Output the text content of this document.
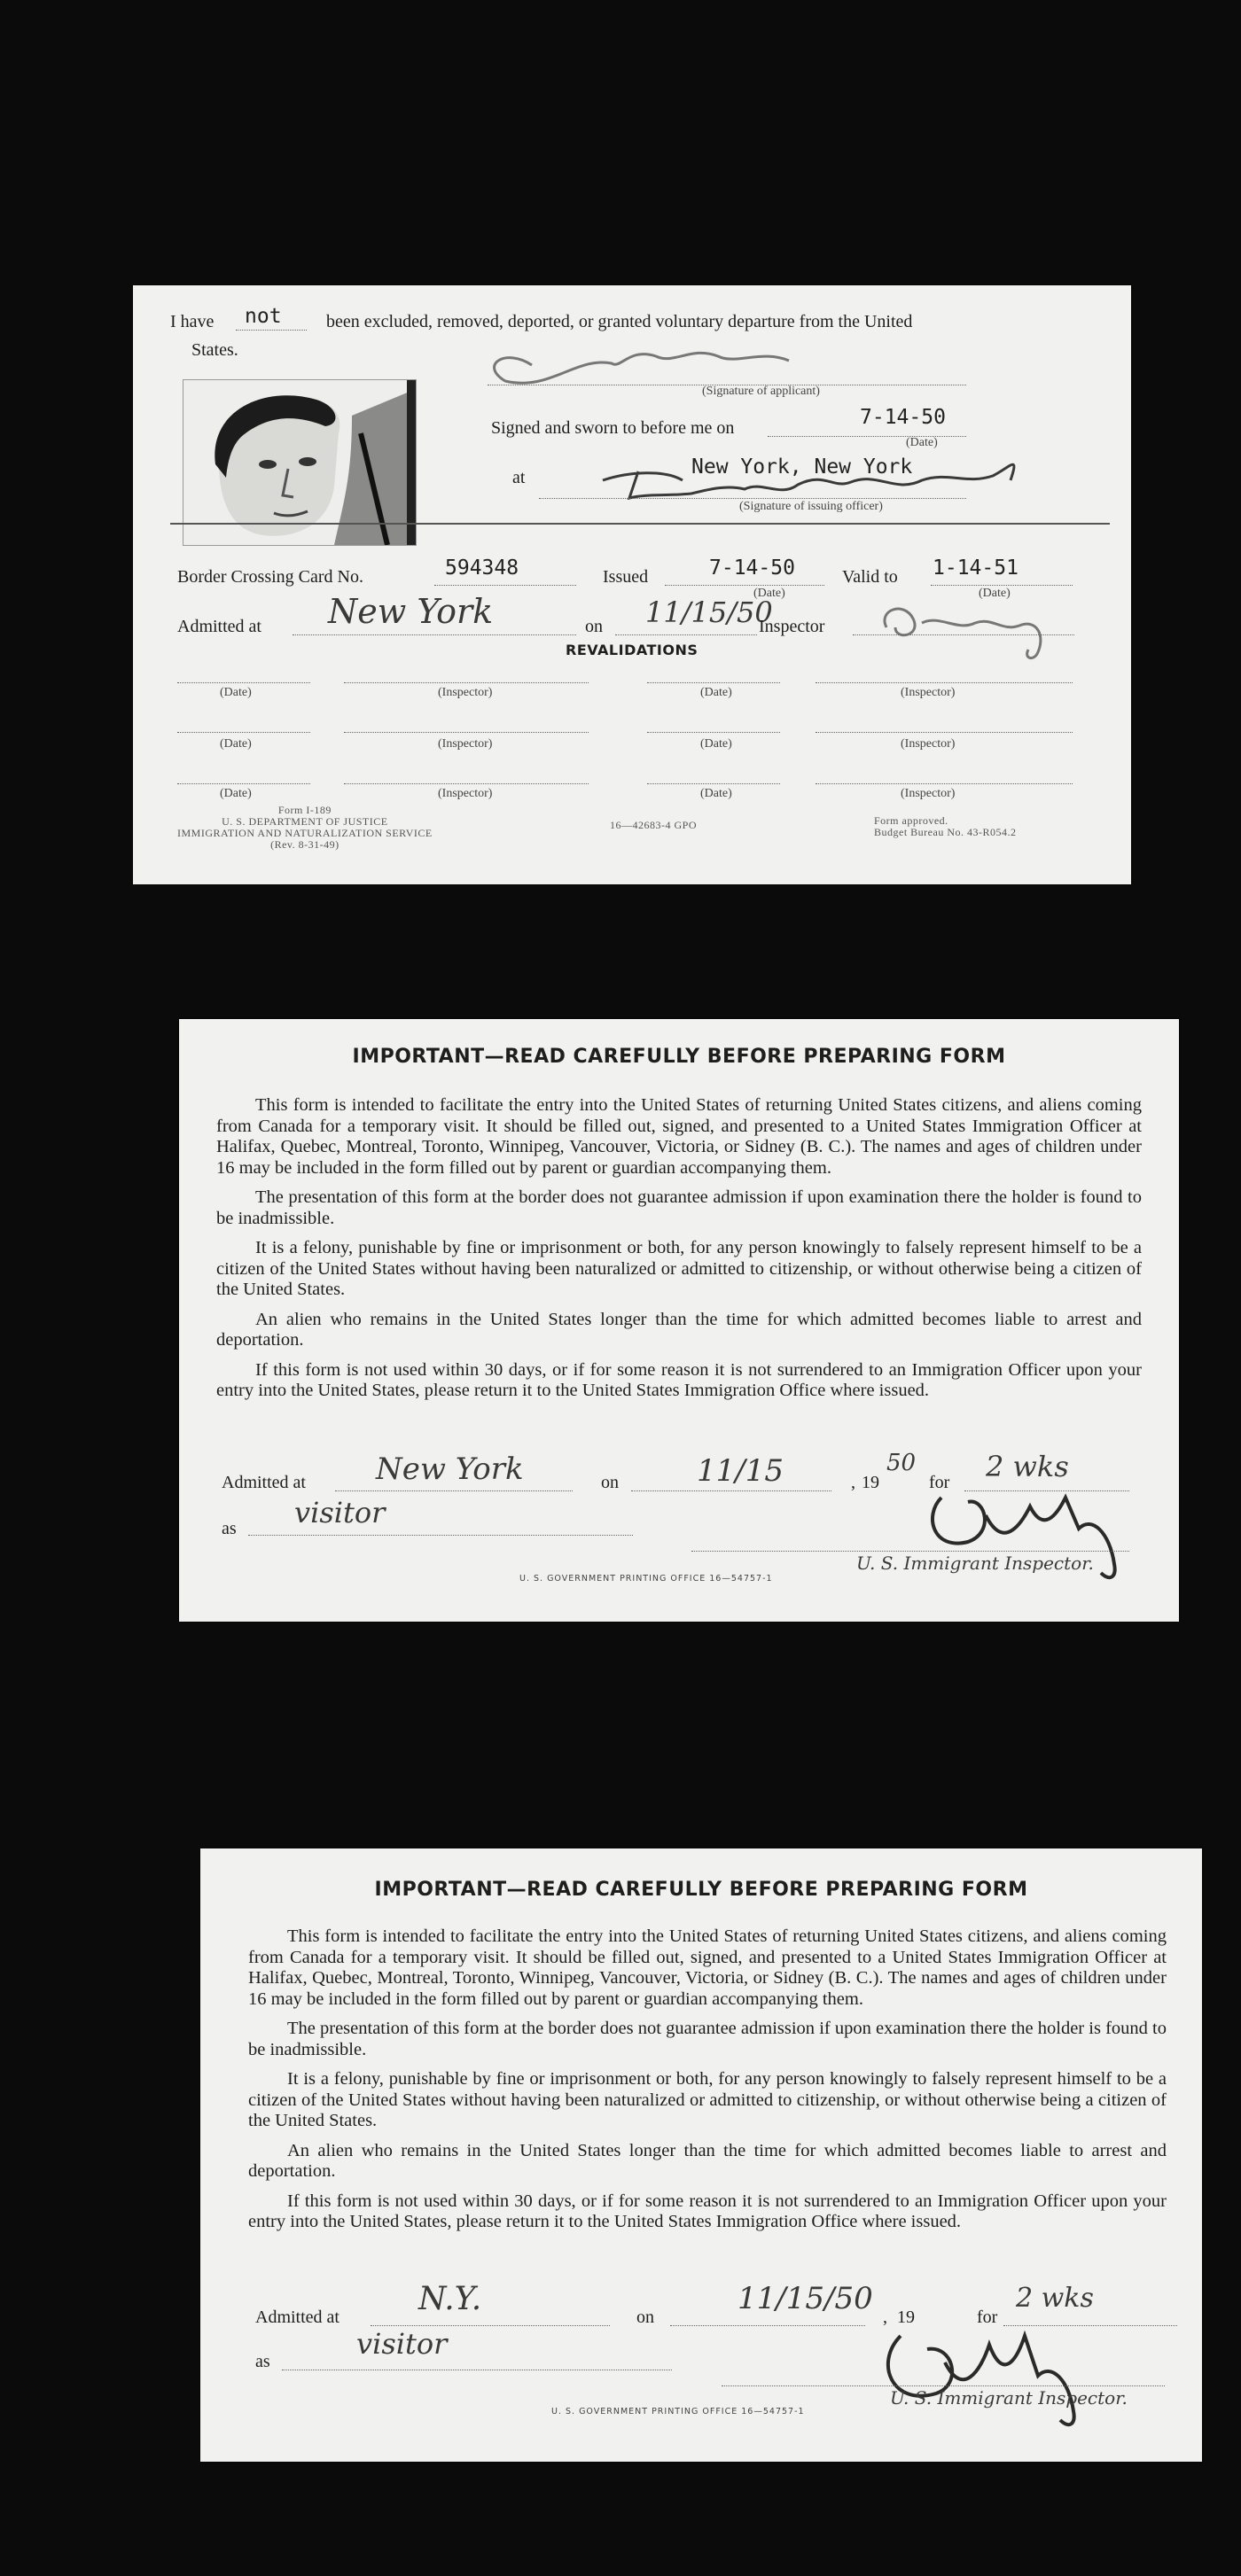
I have not	been excluded, removed, deported, or granted voluntary departure from the United
States.
(Signature of applicant)
Signed and sworn to before me on	7-14-50
(Date)
at	New York, New York
(Signature of issuing officer)
Border Crossing Card No.	594348	Issued	7-14-50
(Date)
Valid to 1-14-51
(Date)
Admitted at New York	on 11/15/50
Inspector
REVALIDATIONS
(Date)	(Inspector)	(Date)	(Inspector)
(Date)	(Inspector)	(Date)	(Inspector)
(Date)	(Inspector)	(Date)	(Inspector)
Form I-189
U. S. DEPARTMENT OF JUSTICE
IMMIGRATION AND NATURALIZATION SERVICE
(Rev. 8-31-49)
16—42683-4 GPO	Form approved.
Budget Bureau No. 43-R054.2
IMPORTANT—READ CAREFULLY BEFORE PREPARING FORM

This form is intended to facilitate the entry into the United States of returning United States citizens, and aliens coming from Canada for a temporary visit. It should be filled out, signed, and presented to a United States Immigration Officer at Halifax, Quebec, Montreal, Toronto, Winnipeg, Vancouver, Victoria, or Sidney (B. C.). The names and ages of children under 16 may be included in the form filled out by parent or guardian accompanying them.

The presentation of this form at the border does not guarantee admission if upon examination there the holder is found to be inadmissible.

It is a felony, punishable by fine or imprisonment or both, for any person knowingly to falsely represent himself to be a citizen of the United States without having been naturalized or admitted to citizenship, or without otherwise being a citizen of the United States.

An alien who remains in the United States longer than the time for which admitted becomes liable to arrest and deportation.

If this form is not used within 30 days, or if for some reason it is not surrendered to an Immigration Officer upon your entry into the United States, please return it to the United States Immigration Office where issued.

Admitted at New York	on	11/15	19
50
,	for 2 wks
as visitor
U. S. Immigrant Inspector.
U. S. GOVERNMENT PRINTING OFFICE 16—54757-1
IMPORTANT—READ CAREFULLY BEFORE PREPARING FORM

This form is intended to facilitate the entry into the United States of returning United States citizens, and aliens coming from Canada for a temporary visit. It should be filled out, signed, and presented to a United States Immigration Officer at Halifax, Quebec, Montreal, Toronto, Winnipeg, Vancouver, Victoria, or Sidney (B. C.). The names and ages of children under 16 may be included in the form filled out by parent or guardian accompanying them.

The presentation of this form at the border does not guarantee admission if upon examination there the holder is found to be inadmissible.

It is a felony, punishable by fine or imprisonment or both, for any person knowingly to falsely represent himself to be a citizen of the United States without having been naturalized or admitted to citizenship, or without otherwise being a citizen of the United States.

An alien who remains in the United States longer than the time for which admitted becomes liable to arrest and deportation.

If this form is not used within 30 days, or if for some reason it is not surrendered to an Immigration Officer upon your entry into the United States, please return it to the United States Immigration Office where issued.

Admitted at N.Y.	on
11/15/50
, 19	for
2 wks
as
visitor
U. S. Immigrant Inspector.
U. S. GOVERNMENT PRINTING OFFICE 16—54757-1
